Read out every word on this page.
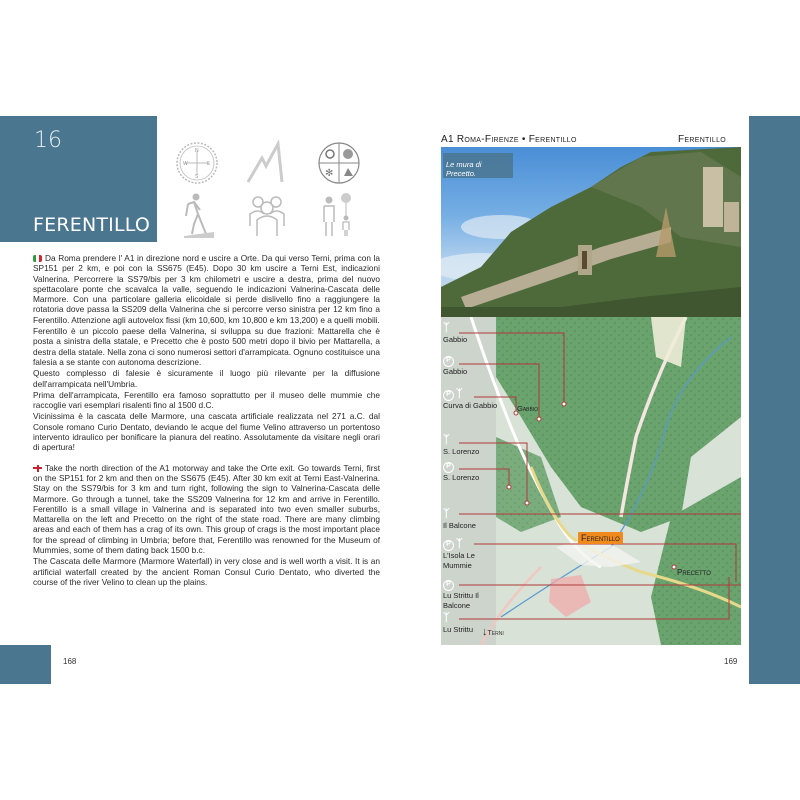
16
FERENTILLO
N
S
W	E
✻

Da Roma prendere l' A1 in direzione nord e uscire a Orte. Da qui verso Terni, prima con la SP151 per 2 km, e poi con la SS675 (E45). Dopo 30 km uscire a Terni Est, indicazioni Valnerina. Percorrere la SS79/bis per 3 km chilometri e uscire a destra, prima del nuovo spettacolare ponte che scavalca la valle, seguendo le indicazioni Valnerina-Cascata delle Marmore. Con una particolare galleria elicoidale si perde dislivello fino a raggiungere la rotatoria dove passa la SS209 della Valnerina che si percorre verso sinistra per 12 km fino a Ferentillo. Attenzione agli autovelox fissi (km 10,600, km 10,800 e km 13,200) e a quelli mobili.

Ferentillo è un piccolo paese della Valnerina, si sviluppa su due frazioni: Mattarella che è posta a sinistra della statale, e Precetto che è posto 500 metri dopo il bivio per Mattarella, a destra della statale. Nella zona ci sono numerosi settori d'arrampicata. Ognuno costituisce una falesia a se stante con autonoma descrizione.

Questo complesso di falesie è sicuramente il luogo più rilevante per la diffusione dell'arrampicata nell'Umbria.

Prima dell'arrampicata, Ferentillo era famoso soprattutto per il museo delle mummie che raccoglie vari esemplari risalenti fino al 1500 d.C.

Vicinissima è la cascata delle Marmore, una cascata artificiale realizzata nel 271 a.C. dal Console romano Curio Dentato, deviando le acque del fiume Velino attraverso un portentoso intervento idraulico per bonificare la pianura del reatino. Assolutamente da visitare negli orari di apertura!

Take the north direction of the A1 motorway and take the Orte exit. Go towards Terni, first on the SP151 for 2 km and then on the SS675 (E45). After 30 km exit at Terni East-Valnerina. Stay on the SS79/bis for 3 km and turn right, following the sign to Valnerina-Cascata delle Marmore. Go through a tunnel, take the SS209 Valnerina for 12 km and arrive in Ferentillo. Ferentillo is a small village in Valnerina and is separated into two even smaller suburbs, Mattarella on the left and Precetto on the right of the state road. There are many climbing areas and each of them has a crag of its own. This group of crags is the most important place for the spread of climbing in Umbria; before that, Ferentillo was renowned for the Museum of Mummies, some of them dating back 1500 b.c.

The Cascata delle Marmore (Marmore Waterfall) in very close and is well worth a visit. It is an artificial waterfall created by the ancient Roman Consul Curio Dentato, who diverted the course of the river Velino to clean up the plains.

168
A1 Roma-Firenze • Ferentillo	Ferentillo
Le mura di Precetto.
ᛉ
Gabbio
P
Gabbio
P ᛉ
Curva di Gabbio
ᛉ
S. Lorenzo
P
S. Lorenzo
ᛉ
Il Balcone
P ᛉ
L'Isola Le Mummie
P
Lu Strittu Il Balcone
ᛉ
Lu Strittu
Gabbio
Ferentillo
Precetto
↓Terni
169
